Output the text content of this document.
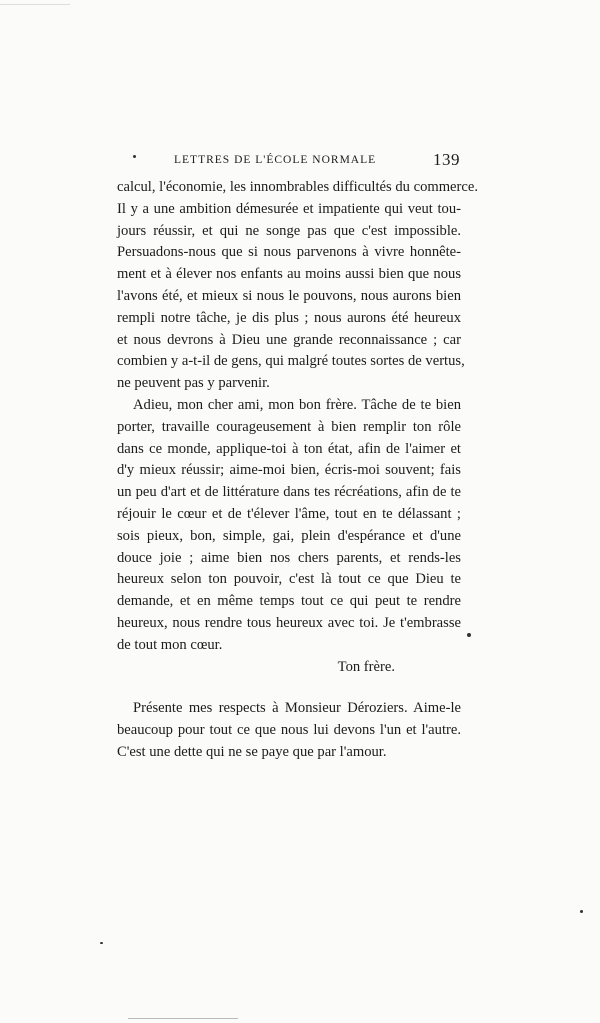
LETTRES DE L'ÉCOLE NORMALE	139
calcul, l'économie, les innombrables difficultés du commerce.
Il y a une ambition démesurée et impatiente qui veut tou-
jours réussir, et qui ne songe pas que c'est impossible.
Persuadons-nous que si nous parvenons à vivre honnête-
ment et à élever nos enfants au moins aussi bien que nous
l'avons été, et mieux si nous le pouvons, nous aurons bien
rempli notre tâche, je dis plus ; nous aurons été heureux
et nous devrons à Dieu une grande reconnaissance ; car
combien y a-t-il de gens, qui malgré toutes sortes de vertus,
ne peuvent pas y parvenir.
Adieu, mon cher ami, mon bon frère. Tâche de te bien
porter, travaille courageusement à bien remplir ton rôle
dans ce monde, applique-toi à ton état, afin de l'aimer et
d'y mieux réussir; aime-moi bien, écris-moi souvent; fais
un peu d'art et de littérature dans tes récréations, afin de te
réjouir le cœur et de t'élever l'âme, tout en te délassant ;
sois pieux, bon, simple, gai, plein d'espérance et d'une
douce joie ; aime bien nos chers parents, et rends-les
heureux selon ton pouvoir, c'est là tout ce que Dieu te
demande, et en même temps tout ce qui peut te rendre
heureux, nous rendre tous heureux avec toi. Je t'embrasse
de tout mon cœur.
Ton frère.
Présente mes respects à Monsieur Déroziers. Aime-le
beaucoup pour tout ce que nous lui devons l'un et l'autre.
C'est une dette qui ne se paye que par l'amour.
